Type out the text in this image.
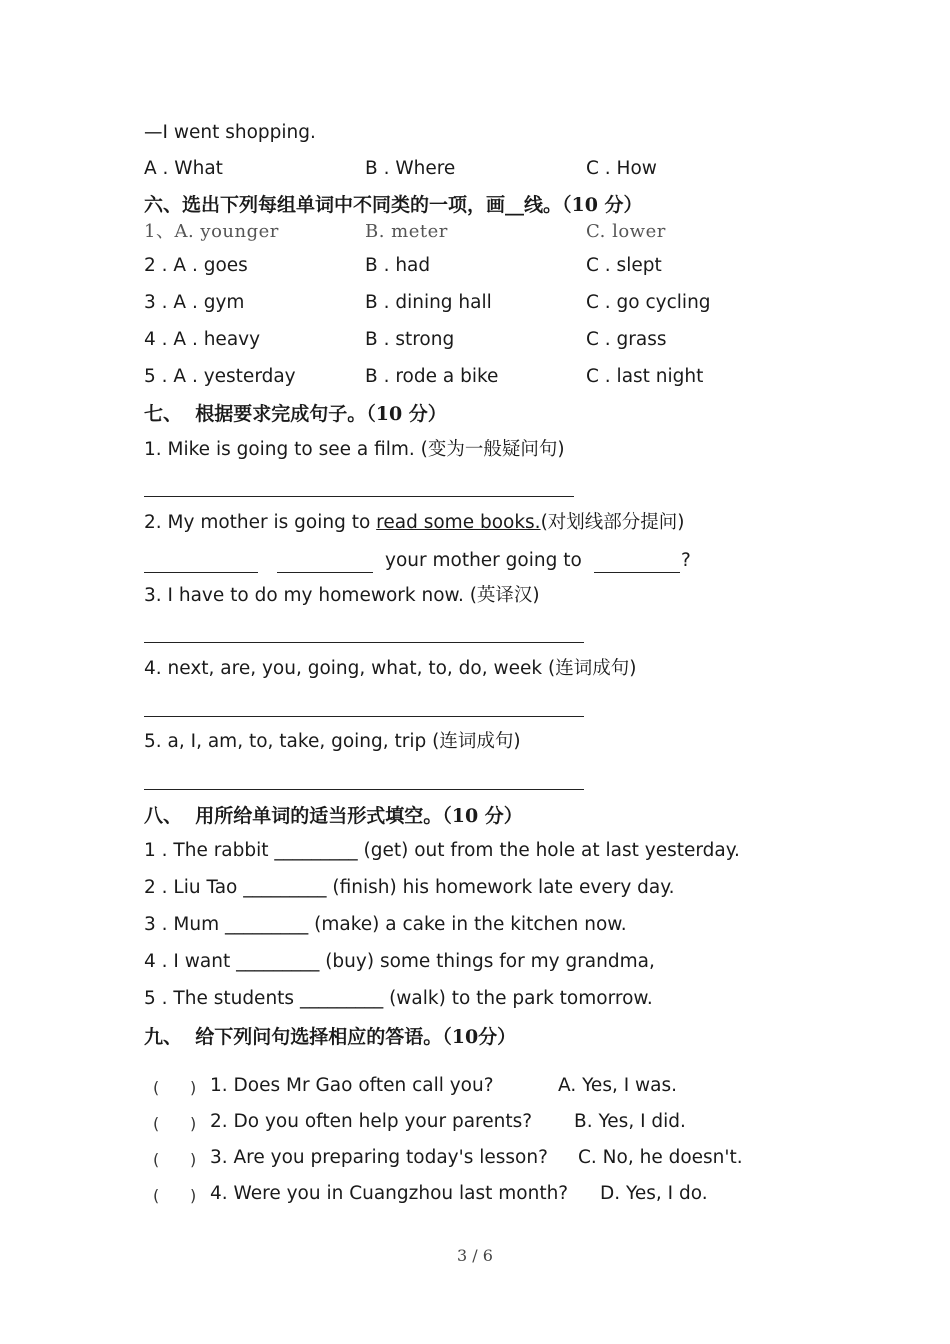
—I went shopping.
A . What	B . Where	C . How
六、选出下列每组单词中不同类的一项，画__线。（10 分）
1、A. younger	B. meter	C. lower
2 . A . goes	B . had	C . slept
3 . A . gym	B . dining hall	C . go cycling
4 . A . heavy	B . strong	C . grass
5 . A . yesterday	B . rode a bike	C . last night
七、  根据要求完成句子。（10 分）
1. Mike is going to see a film. (变为一般疑问句)
2. My mother is going to read some books.(对划线部分提问)
your mother going to	?
3. I have to do my homework now. (英译汉)
4. next, are, you, going, what, to, do, week (连词成句)
5. a, I, am, to, take, going, trip (连词成句)
八、  用所给单词的适当形式填空。（10 分）
1 . The rabbit _________ (get) out from the hole at last yesterday.
2 . Liu Tao _________ (finish) his homework late every day.
3 . Mum _________ (make) a cake in the kitchen now.
4 . I want _________ (buy) some things for my grandma,
5 . The students _________ (walk) to the park tomorrow.
九、  给下列问句选择相应的答语。（10分）
( ) 1. Does Mr Gao often call you?	A. Yes, I was.
( ) 2. Do you often help your parents? B. Yes, I did.
( ) 3. Are you preparing today's lesson? C. No, he doesn't.
( ) 4. Were you in Cuangzhou last month? D. Yes, I do.
3 / 6
